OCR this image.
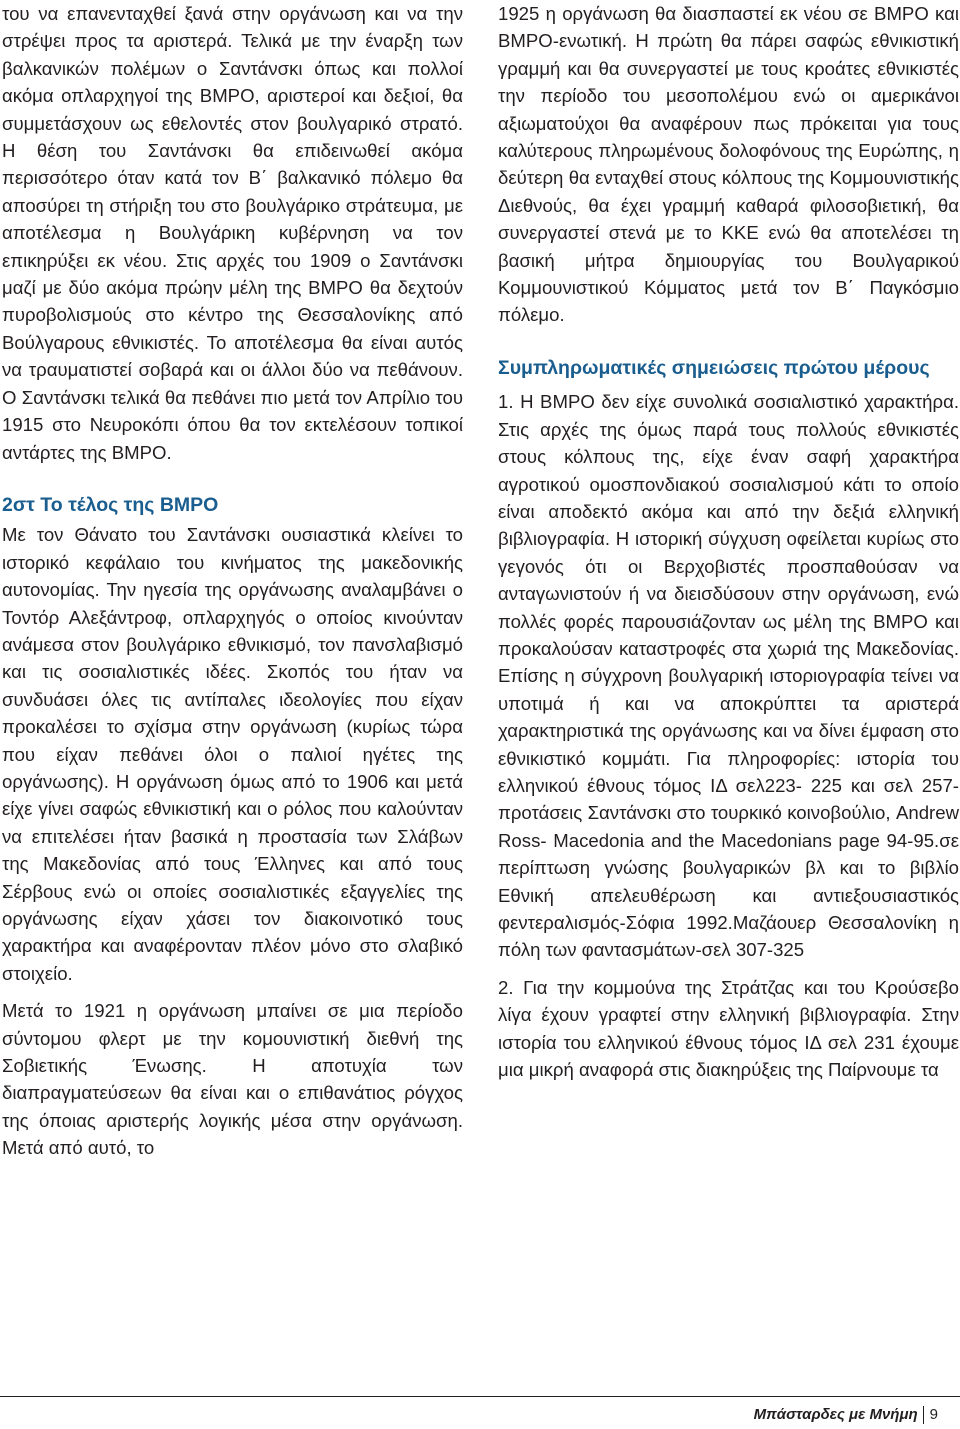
του να επανενταχθεί ξανά στην οργάνωση και να την στρέψει προς τα αριστερά. Τελικά με την έναρξη των βαλκανικών πολέμων ο Σαντάνσκι όπως και πολλοί ακόμα οπλαρχηγοί της ΒΜΡΟ, αριστεροί και δεξιοί, θα συμμετάσχουν ως εθελοντές στον βουλγαρικό στρατό. Η θέση του Σαντάνσκι θα επιδεινωθεί ακόμα περισσότερο όταν κατά τον Β΄ βαλκανικό πόλεμο θα αποσύρει τη στήριξη του στο βουλγάρικο στράτευμα, με αποτέλεσμα η Βουλγάρικη κυβέρνηση να τον επικηρύξει εκ νέου. Στις αρχές του 1909 ο Σαντάνσκι μαζί με δύο ακόμα πρώην μέλη της ΒΜΡΟ θα δεχτούν πυροβολισμούς στο κέντρο της Θεσσαλονίκης από Βούλγαρους εθνικιστές. Το αποτέλεσμα θα είναι αυτός να τραυματιστεί σοβαρά και οι άλλοι δύο να πεθάνουν. Ο Σαντάνσκι τελικά θα πεθάνει πιο μετά τον Απρίλιο του 1915 στο Νευροκόπι όπου θα τον εκτελέσουν τοπικοί αντάρτες της ΒΜΡΟ.

2στ Το τέλος της ΒΜΡΟ

Με τον Θάνατο του Σαντάνσκι ουσιαστικά κλείνει το ιστορικό κεφάλαιο του κινήματος της μακεδονικής αυτονομίας. Την ηγεσία της οργάνωσης αναλαμβάνει ο Τοντόρ Αλεξάντροφ, οπλαρχηγός ο οποίος κινούνταν ανάμεσα στον βουλγάρικο εθνικισμό, τον πανσλαβισμό και τις σοσιαλιστικές ιδέες. Σκοπός του ήταν να συνδυάσει όλες τις αντίπαλες ιδεολογίες που είχαν προκαλέσει το σχίσμα στην οργάνωση (κυρίως τώρα που είχαν πεθάνει όλοι ο παλιοί ηγέτες της οργάνωσης). Η οργάνωση όμως από το 1906 και μετά είχε γίνει σαφώς εθνικιστική και ο ρόλος που καλούνταν να επιτελέσει ήταν βασικά η προστασία των Σλάβων της Μακεδονίας από τους Έλληνες και από τους Σέρβους ενώ οι οποίες σοσιαλιστικές εξαγγελίες της οργάνωσης είχαν χάσει τον διακοινοτικό τους χαρακτήρα και αναφέρονταν πλέον μόνο στο σλαβικό στοιχείο.

Μετά το 1921 η οργάνωση μπαίνει σε μια περίοδο σύντομου φλερτ με την κομουνιστική διεθνή της Σοβιετικής Ένωσης. Η αποτυχία των διαπραγματεύσεων θα είναι και ο επιθανάτιος ρόγχος της όποιας αριστερής λογικής μέσα στην οργάνωση. Μετά από αυτό, το

1925 η οργάνωση θα διασπαστεί εκ νέου σε ΒΜΡΟ και ΒΜΡΟ-ενωτική. Η πρώτη θα πάρει σαφώς εθνικιστική γραμμή και θα συνεργαστεί με τους κροάτες εθνικιστές την περίοδο του μεσοπολέμου ενώ οι αμερικάνοι αξιωματούχοι θα αναφέρουν πως πρόκειται για τους καλύτερους πληρωμένους δολοφόνους της Ευρώπης, η δεύτερη θα ενταχθεί στους κόλπους της Κομμουνιστικής Διεθνούς, θα έχει γραμμή καθαρά φιλοσοβιετική, θα συνεργαστεί στενά με το ΚΚΕ ενώ θα αποτελέσει τη βασική μήτρα δημιουργίας του Βουλγαρικού Κομμουνιστικού Κόμματος μετά τον Β΄ Παγκόσμιο πόλεμο.

Συμπληρωματικές σημειώσεις πρώτου μέρους

1. Η ΒΜΡΟ δεν είχε συνολικά σοσιαλιστικό χαρακτήρα. Στις αρχές της όμως παρά τους πολλούς εθνικιστές στους κόλπους της, είχε έναν σαφή χαρακτήρα αγροτικού ομοσπονδιακού σοσιαλισμού κάτι το οποίο είναι αποδεκτό ακόμα και από την δεξιά ελληνική βιβλιογραφία. Η ιστορική σύγχυση οφείλεται κυρίως στο γεγονός ότι οι Βερχοβιστές προσπαθούσαν να ανταγωνιστούν ή να διεισδύσουν στην οργάνωση, ενώ πολλές φορές παρουσιάζονταν ως μέλη της ΒΜΡΟ και προκαλούσαν καταστροφές στα χωριά της Μακεδονίας. Επίσης η σύγχρονη βουλγαρική ιστοριογραφία τείνει να υποτιμά ή και να αποκρύπτει τα αριστερά χαρακτηριστικά της οργάνωσης και να δίνει έμφαση στο εθνικιστικό κομμάτι. Για πληροφορίες: ιστορία του ελληνικού έθνους τόμος ΙΔ σελ223- 225 και σελ 257-προτάσεις Σαντάνσκι στο τουρκικό κοινοβούλιο, Andrew Ross- Macedonia and the Macedonians page 94-95.σε περίπτωση γνώσης βουλγαρικών βλ και το βιβλίο Εθνική απελευθέρωση και αντιεξουσιαστικός φεντεραλισμός-Σόφια 1992.Μαζάουερ Θεσσαλονίκη η πόλη των φαντασμάτων-σελ 307-325

2. Για την κομμούνα της Στράτζας και του Κρούσεβο λίγα έχουν γραφτεί στην ελληνική βιβλιογραφία. Στην ιστορία του ελληνικού έθνους τόμος ΙΔ σελ 231 έχουμε μια μικρή αναφορά στις διακηρύξεις της Παίρνουμε τα

Μπάσταρδες με Μνήμη 9
